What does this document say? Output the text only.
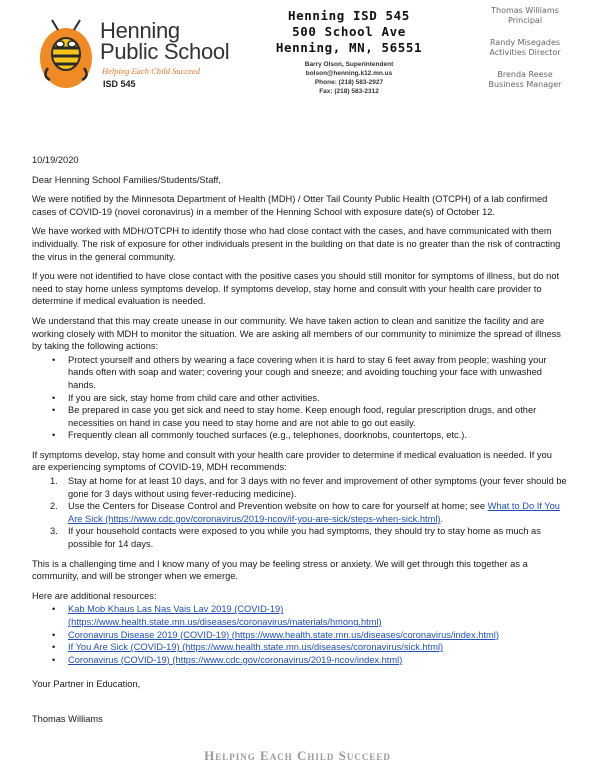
Henning
Public School
Helping Each Child Succeed
ISD 545
Henning ISD 545
500 School Ave
Henning, MN, 56551
Barry Olson, Superintendent
bolson@henning.k12.mn.us
Phone: (218) 583-2927
Fax: (218) 583-2312
Thomas Williams
Principal
Randy Misegades
Activities Director
Brenda Reese
Business Manager

10/19/2020

Dear Henning School Families/Students/Staff,

We were notified by the Minnesota Department of Health (MDH) / Otter Tail County Public Health (OTCPH) of a lab confirmed cases of COVID-19 (novel coronavirus) in a member of the Henning School with exposure date(s) of October 12.

We have worked with MDH/OTCPH to identify those who had close contact with the cases, and have communicated with them individually. The risk of exposure for other individuals present in the building on that date is no greater than the risk of contracting the virus in the general community.

If you were not identified to have close contact with the positive cases you should still monitor for symptoms of illness, but do not need to stay home unless symptoms develop. If symptoms develop, stay home and consult with your health care provider to determine if medical evaluation is needed.

We understand that this may create unease in our community. We have taken action to clean and sanitize the facility and are working closely with MDH to monitor the situation. We are asking all members of our community to minimize the spread of illness by taking the following actions:

• Protect yourself and others by wearing a face covering when it is hard to stay 6 feet away from people; washing your hands often with soap and water; covering your cough and sneeze; and avoiding touching your face with unwashed hands.
• If you are sick, stay home from child care and other activities.
• Be prepared in case you get sick and need to stay home. Keep enough food, regular prescription drugs, and other necessities on hand in case you need to stay home and are not able to go out easily.
• Frequently clean all commonly touched surfaces (e.g., telephones, doorknobs, countertops, etc.).

If symptoms develop, stay home and consult with your health care provider to determine if medical evaluation is needed. If you are experiencing symptoms of COVID-19, MDH recommends:

1. Stay at home for at least 10 days, and for 3 days with no fever and improvement of other symptoms (your fever should be gone for 3 days without using fever-reducing medicine).
2. Use the Centers for Disease Control and Prevention website on how to care for yourself at home; see What to Do If You Are Sick (https://www.cdc.gov/coronavirus/2019-ncov/if-you-are-sick/steps-when-sick.html).
3. If your household contacts were exposed to you while you had symptoms, they should try to stay home as much as possible for 14 days.

This is a challenging time and I know many of you may be feeling stress or anxiety. We will get through this together as a community, and will be stronger when we emerge.

Here are additional resources:

• Kab Mob Khaus Las Nas Vais Lav 2019 (COVID-19) (https://www.health.state.mn.us/diseases/coronavirus/materials/hmong.html)
• Coronavirus Disease 2019 (COVID-19) (https://www.health.state.mn.us/diseases/coronavirus/index.html)
• If You Are Sick (COVID-19) (https://www.health.state.mn.us/diseases/coronavirus/sick.html)
• Coronavirus (COVID-19) (https://www.cdc.gov/coronavirus/2019-ncov/index.html)

Your Partner in Education,

Thomas Williams

Helping Each Child Succeed
